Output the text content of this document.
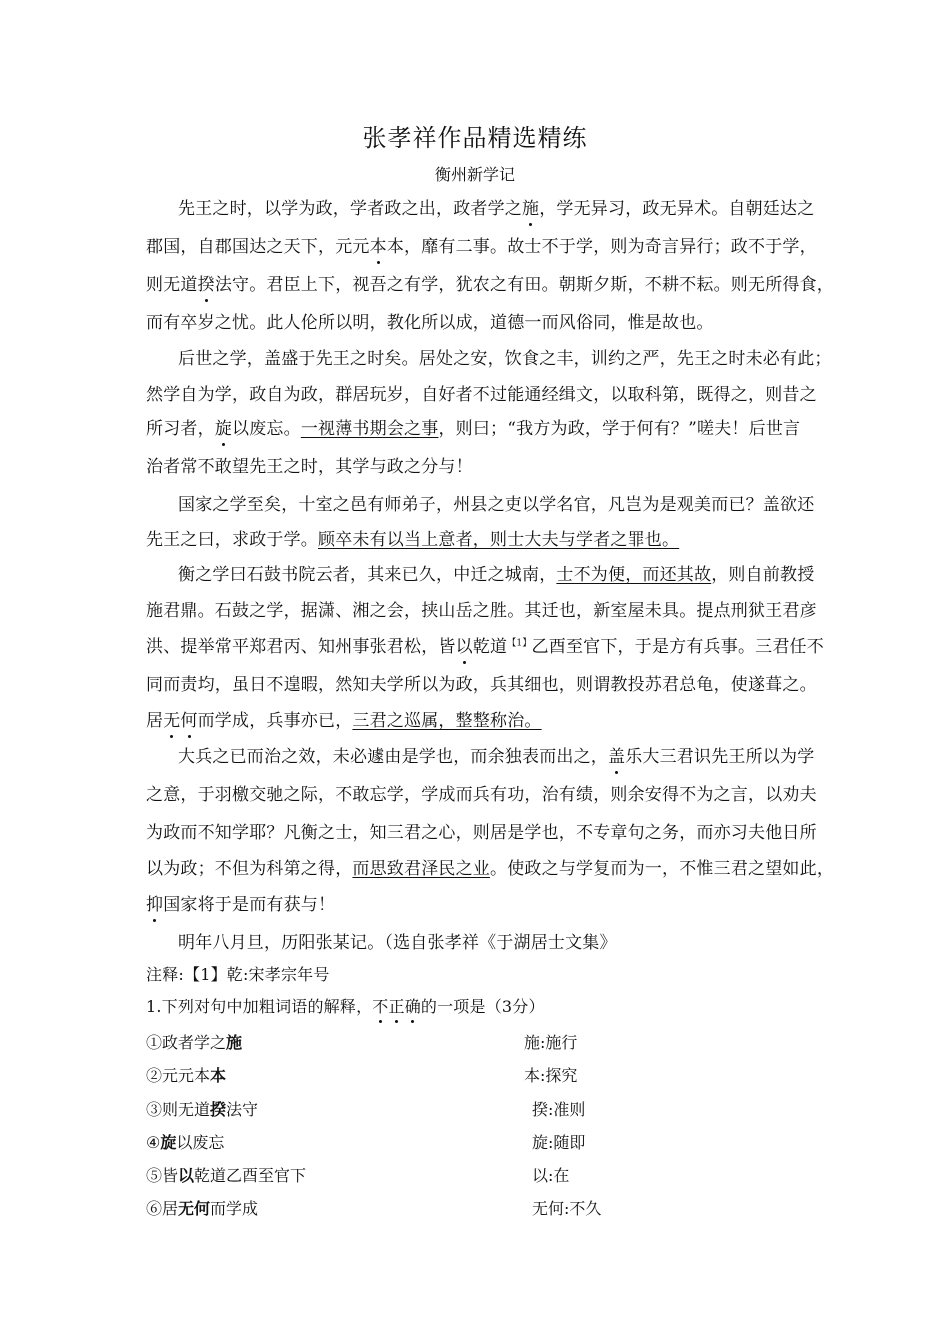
张孝祥作品精选精练
衡州新学记
先王之时，以学为政，学者政之出，政者学之施，学无异习，政无异术。自朝廷达之
郡国，自郡国达之天下，元元本本，靡有二事。故士不于学，则为奇言异行；政不于学，
则无道揆法守。君臣上下，视吾之有学，犹农之有田。朝斯夕斯，不耕不耘。则无所得食，
而有卒岁之忧。此人伦所以明，教化所以成，道德一而风俗同，惟是故也。
后世之学，盖盛于先王之时矣。居处之安，饮食之丰，训约之严，先王之时未必有此；
然学自为学，政自为政，群居玩岁，自好者不过能通经缉文，以取科第，既得之，则昔之
所习者，旋以废忘。一视薄书期会之事，则曰；“我方为政，学于何有？”嗟夫！后世言
治者常不敢望先王之时，其学与政之分与！
国家之学至矣，十室之邑有师弟子，州县之吏以学名官，凡岂为是观美而已？盖欲还
先王之曰，求政于学。顾卒未有以当上意者，则士大夫与学者之罪也。
衡之学曰石鼓书院云者，其来已久，中迁之城南，士不为便，而还其故，则自前教授
施君鼎。石鼓之学，据潇、湘之会，挟山岳之胜。其迁也，新室屋未具。提点刑狱王君彦
洪、提举常平郑君丙、知州事张君松，皆以乾道$^{【1】}$乙酉至官下，于是方有兵事。三君任不
同而责均，虽日不遑暇，然知夫学所以为政，兵其细也，则谓教投苏君总龟，使遂葺之。
居无何而学成，兵事亦已，三君之巡属，整整称治。
大兵之已而治之效，未必遽由是学也，而余独表而出之，盖乐大三君识先王所以为学
之意，于羽檄交驰之际，不敢忘学，学成而兵有功，治有绩，则余安得不为之言，以劝夫
为政而不知学耶？凡衡之士，知三君之心，则居是学也，不专章句之务，而亦习夫他日所
以为政；不但为科第之得，而思致君泽民之业。使政之与学复而为一，不惟三君之望如此，
抑国家将于是而有获与！
明年八月旦，历阳张某记。（选自张孝祥《于湖居士文集》
注释:【1】乾:宋孝宗年号
1.下列对句中加粗词语的解释，不正确的一项是（3分）
①政者学之施	施:施行
②元元本本	本:探究
③则无道揆法守	揆:准则
④旋以废忘	旋:随即
⑤皆以乾道乙酉至官下	以:在
⑥居无何而学成	无何:不久
